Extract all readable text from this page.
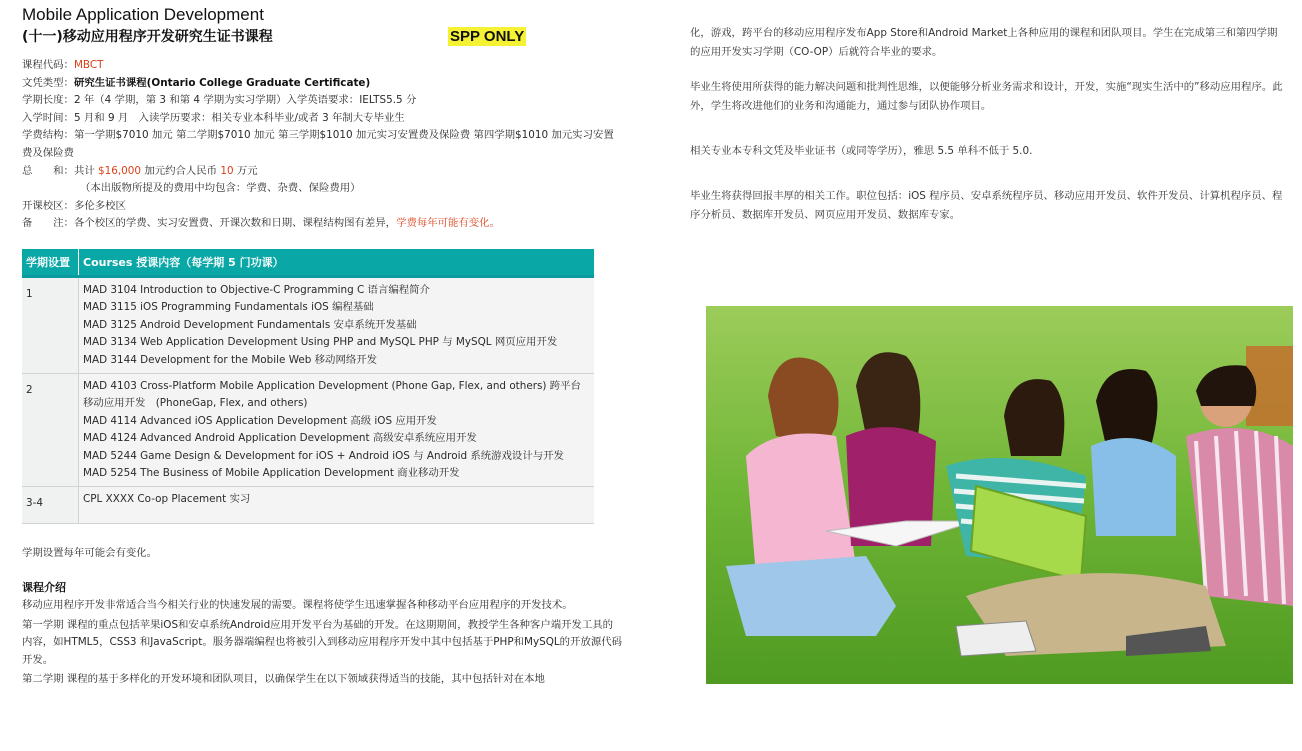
Mobile Application Development
(十一)移动应用程序开发研究生证书课程	SPP ONLY
课程代码：MBCT
文凭类型：研究生证书课程(Ontario College Graduate Certificate)
学期长度：2 年（4 学期，第 3 和第 4 学期为实习学期）入学英语要求：IELTS5.5 分
入学时间：5 月和 9 月　入读学历要求：相关专业本科毕业/或者 3 年制大专毕业生
学费结构：第一学期$7010 加元 第二学期$7010 加元 第三学期$1010 加元实习安置费及保险费 第四学期$1010 加元实习安置费及保险费
总　　和：共计 $16,000 加元约合人民币 10 万元
（本出版物所提及的费用中均包含：学费、杂费、保险费用）
开课校区：多伦多校区
备　　注：各个校区的学费、实习安置费、开课次数和日期、课程结构图有差异，学费每年可能有变化。
学期设置	Courses 授课内容（每学期 5 门功课）
1	MAD 3104 Introduction to Objective-C Programming C 语言编程简介
MAD 3115 iOS Programming Fundamentals iOS 编程基础
MAD 3125 Android Development Fundamentals 安卓系统开发基础
MAD 3134 Web Application Development Using PHP and MySQL PHP 与 MySQL 网页应用开发
MAD 3144 Development for the Mobile Web 移动网络开发

2	MAD 4103 Cross-Platform Mobile Application Development (Phone Gap, Flex, and others) 跨平台移动应用开发　(PhoneGap, Flex, and others)
MAD 4114 Advanced iOS Application Development 高级 iOS 应用开发
MAD 4124 Advanced Android Application Development 高级安卓系统应用开发
MAD 5244 Game Design & Development for iOS + Android iOS 与 Android 系统游戏设计与开发
MAD 5254 The Business of Mobile Application Development 商业移动开发

3-4	CPL XXXX Co-op Placement 实习
学期设置每年可能会有变化。
课程介绍

移动应用程序开发非常适合当今相关行业的快速发展的需要。课程将使学生迅速掌握各种移动平台应用程序的开发技术。

第一学期 课程的重点包括苹果iOS和安卓系统Android应用开发平台为基础的开发。在这期期间，教授学生各种客户端开发工具的内容，如HTML5，CSS3 和JavaScript。服务器端编程也将被引入到移动应用程序开发中其中包括基于PHP和MySQL的开放源代码开发。

第二学期 课程的基于多样化的开发环境和团队项目，以确保学生在以下领域获得适当的技能，其中包括针对在本地

化，游戏，跨平台的移动应用程序发布App Store和Android Market上各种应用的课程和团队项目。学生在完成第三和第四学期的应用开发实习学期（CO-OP）后就符合毕业的要求。

毕业生将使用所获得的能力解决问题和批判性思维，以便能够分析业务需求和设计，开发，实施“现实生活中的”移动应用程序。此外，学生将改进他们的业务和沟通能力，通过参与团队协作项目。

相关专业本专科文凭及毕业证书（或同等学历），雅思 5.5 单科不低于 5.0.

毕业生将获得回报丰厚的相关工作。职位包括：iOS 程序员、安卓系统程序员、移动应用开发员、软件开发员、计算机程序员、程序分析员、数据库开发员、网页应用开发员、数据库专家。
